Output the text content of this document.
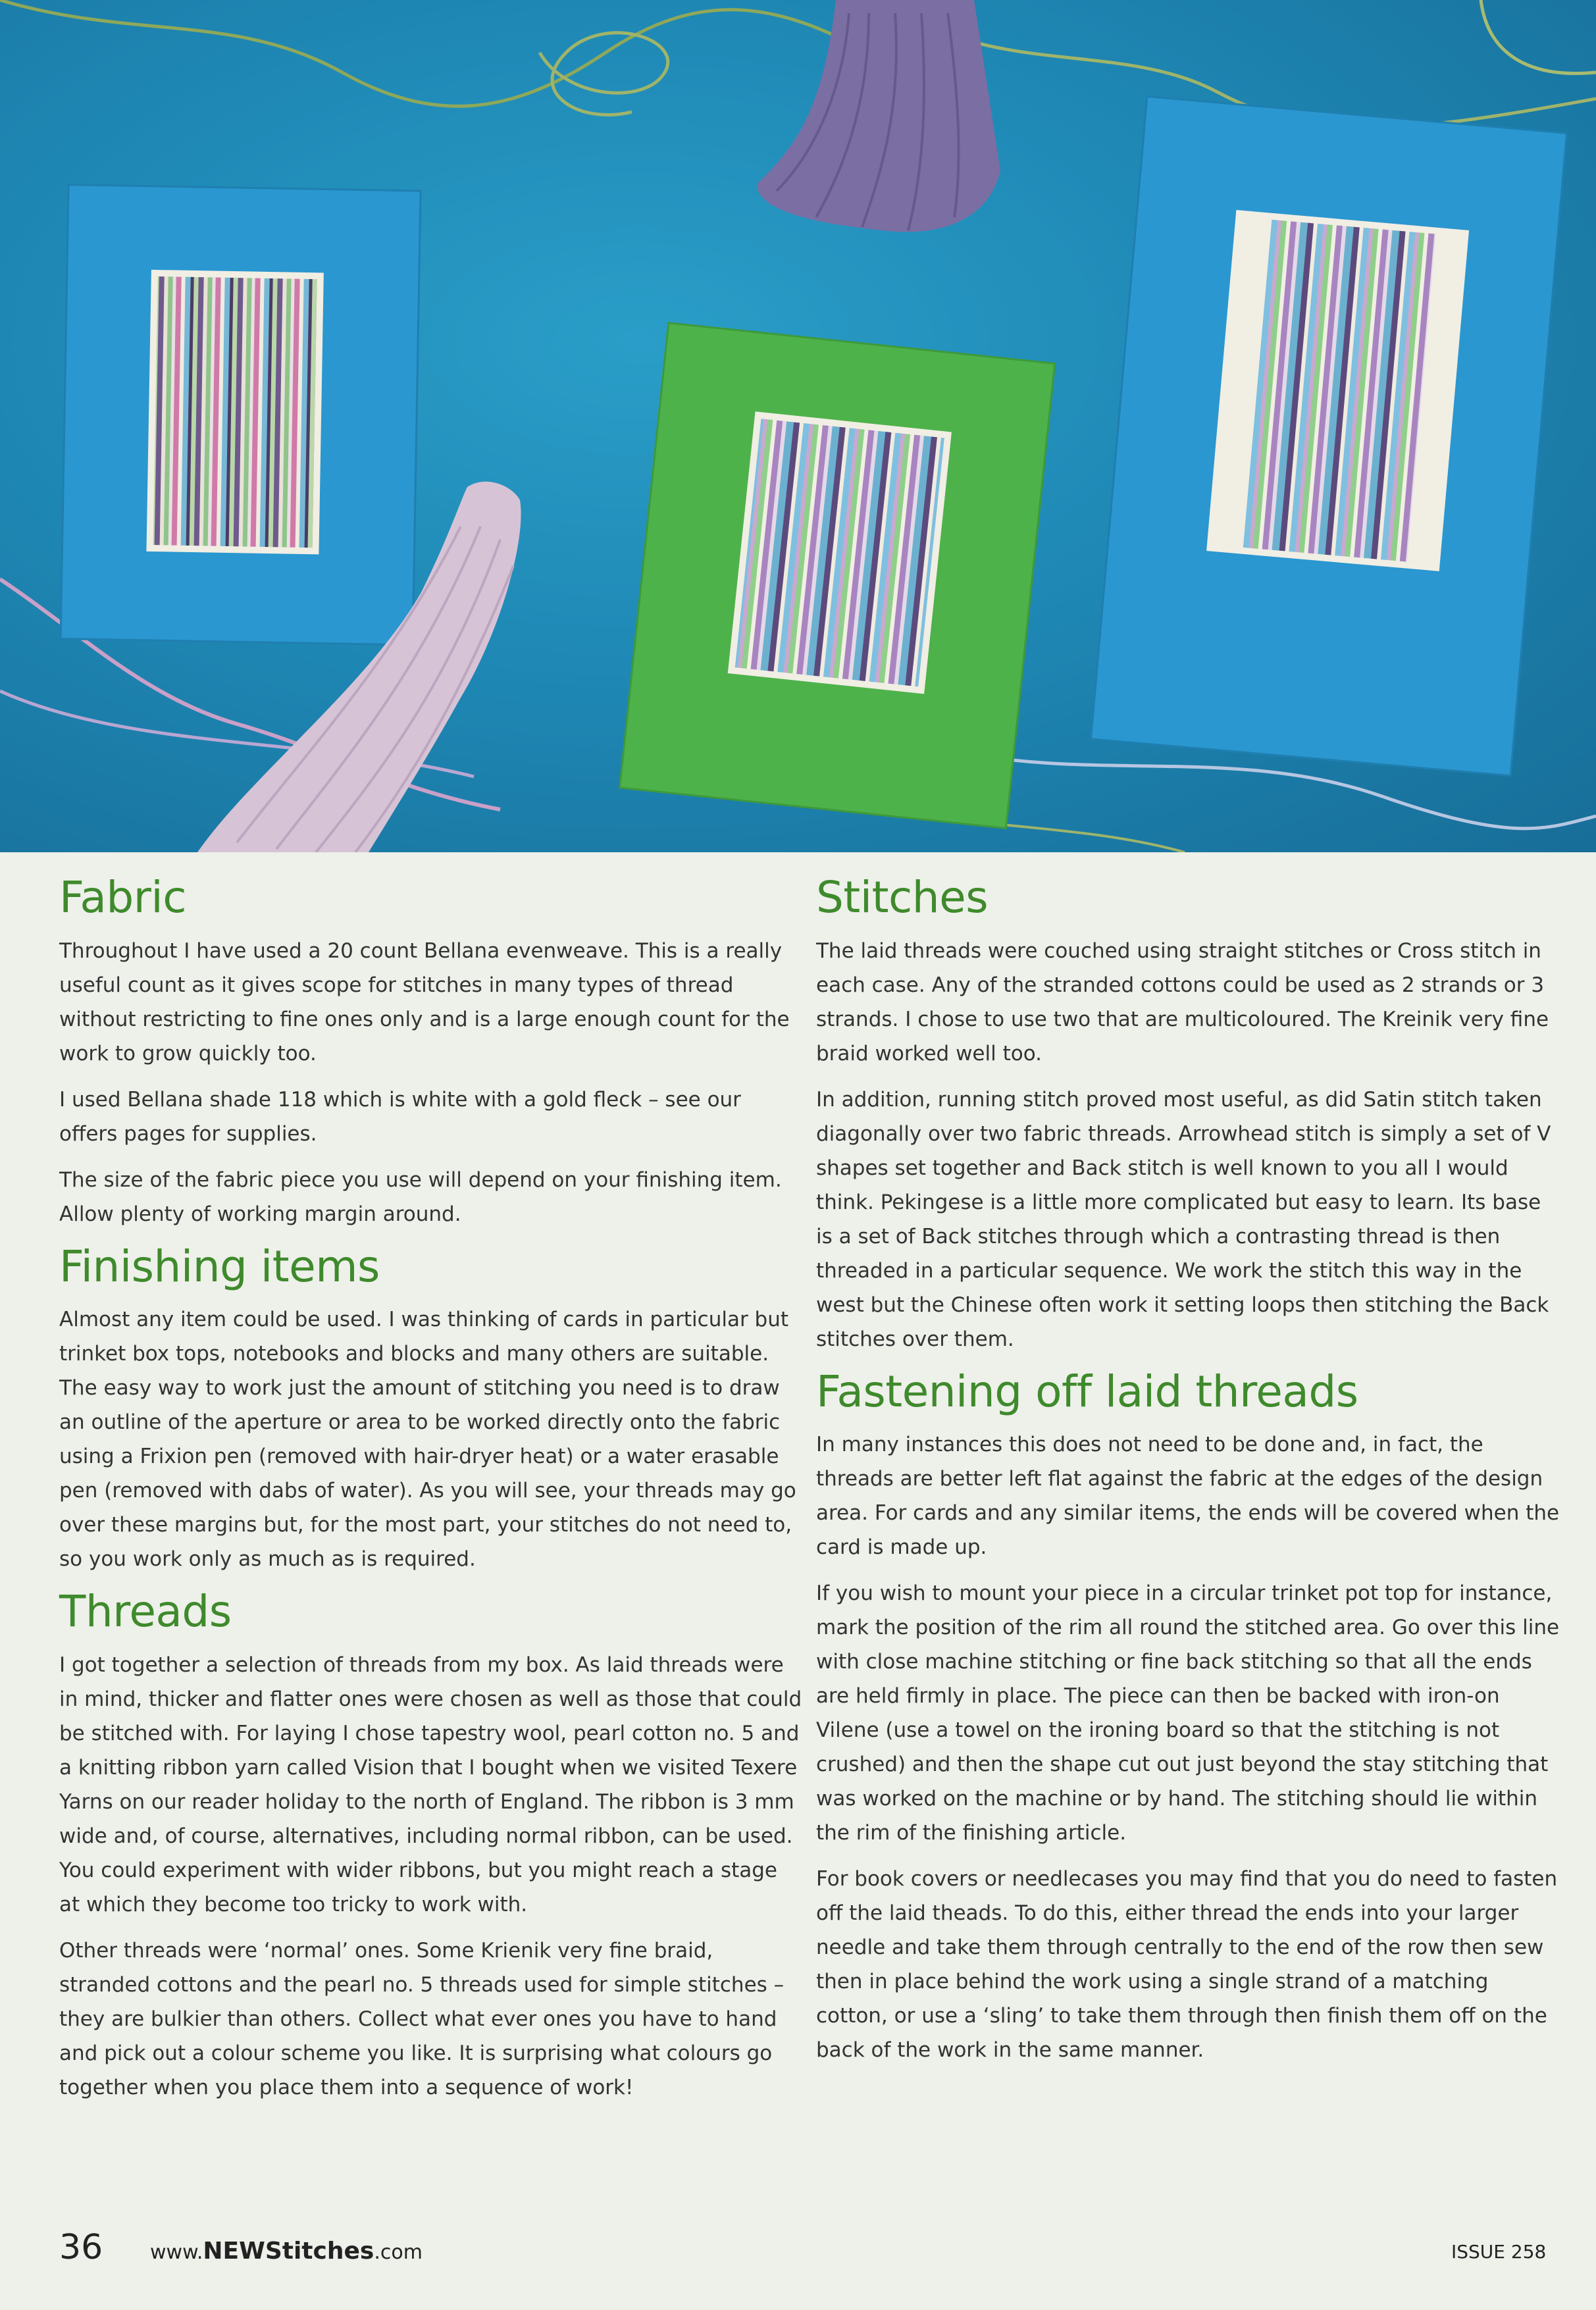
Fabric

Throughout I have used a 20 count Bellana evenweave. This is a really useful count as it gives scope for stitches in many types of thread without restricting to fine ones only and is a large enough count for the work to grow quickly too.

I used Bellana shade 118 which is white with a gold fleck – see our offers pages for supplies.

The size of the fabric piece you use will depend on your finishing item. Allow plenty of working margin around.

Finishing items

Almost any item could be used. I was thinking of cards in particular but trinket box tops, notebooks and blocks and many others are suitable. The easy way to work just the amount of stitching you need is to draw an outline of the aperture or area to be worked directly onto the fabric using a Frixion pen (removed with hair-dryer heat) or a water erasable pen (removed with dabs of water). As you will see, your threads may go over these margins but, for the most part, your stitches do not need to, so you work only as much as is required.

Threads

I got together a selection of threads from my box. As laid threads were in mind, thicker and flatter ones were chosen as well as those that could be stitched with. For laying I chose tapestry wool, pearl cotton no. 5 and a knitting ribbon yarn called Vision that I bought when we visited Texere Yarns on our reader holiday to the north of England. The ribbon is 3 mm wide and, of course, alternatives, including normal ribbon, can be used. You could experiment with wider ribbons, but you might reach a stage at which they become too tricky to work with.

Other threads were ‘normal’ ones. Some Krienik very fine braid, stranded cottons and the pearl no. 5 threads used for simple stitches – they are bulkier than others. Collect what ever ones you have to hand and pick out a colour scheme you like. It is surprising what colours go together when you place them into a sequence of work!

Stitches

The laid threads were couched using straight stitches or Cross stitch in each case. Any of the stranded cottons could be used as 2 strands or 3 strands. I chose to use two that are multicoloured. The Kreinik very fine braid worked well too.

In addition, running stitch proved most useful, as did Satin stitch taken diagonally over two fabric threads. Arrowhead stitch is simply a set of V shapes set together and Back stitch is well known to you all I would think. Pekingese is a little more complicated but easy to learn. Its base is a set of Back stitches through which a contrasting thread is then threaded in a particular sequence. We work the stitch this way in the west but the Chinese often work it setting loops then stitching the Back stitches over them.

Fastening off laid threads

In many instances this does not need to be done and, in fact, the threads are better left flat against the fabric at the edges of the design area. For cards and any similar items, the ends will be covered when the card is made up.

If you wish to mount your piece in a circular trinket pot top for instance, mark the position of the rim all round the stitched area. Go over this line with close machine stitching or fine back stitching so that all the ends are held firmly in place. The piece can then be backed with iron-on Vilene (use a towel on the ironing board so that the stitching is not crushed) and then the shape cut out just beyond the stay stitching that was worked on the machine or by hand. The stitching should lie within the rim of the finishing article.

For book covers or needlecases you may find that you do need to fasten off the laid theads. To do this, either thread the ends into your larger needle and take them through centrally to the end of the row then sew then in place behind the work using a single strand of a matching cotton, or use a ‘sling’ to take them through then finish them off on the back of the work in the same manner.

36 www.NEWStitches.com	ISSUE 258
